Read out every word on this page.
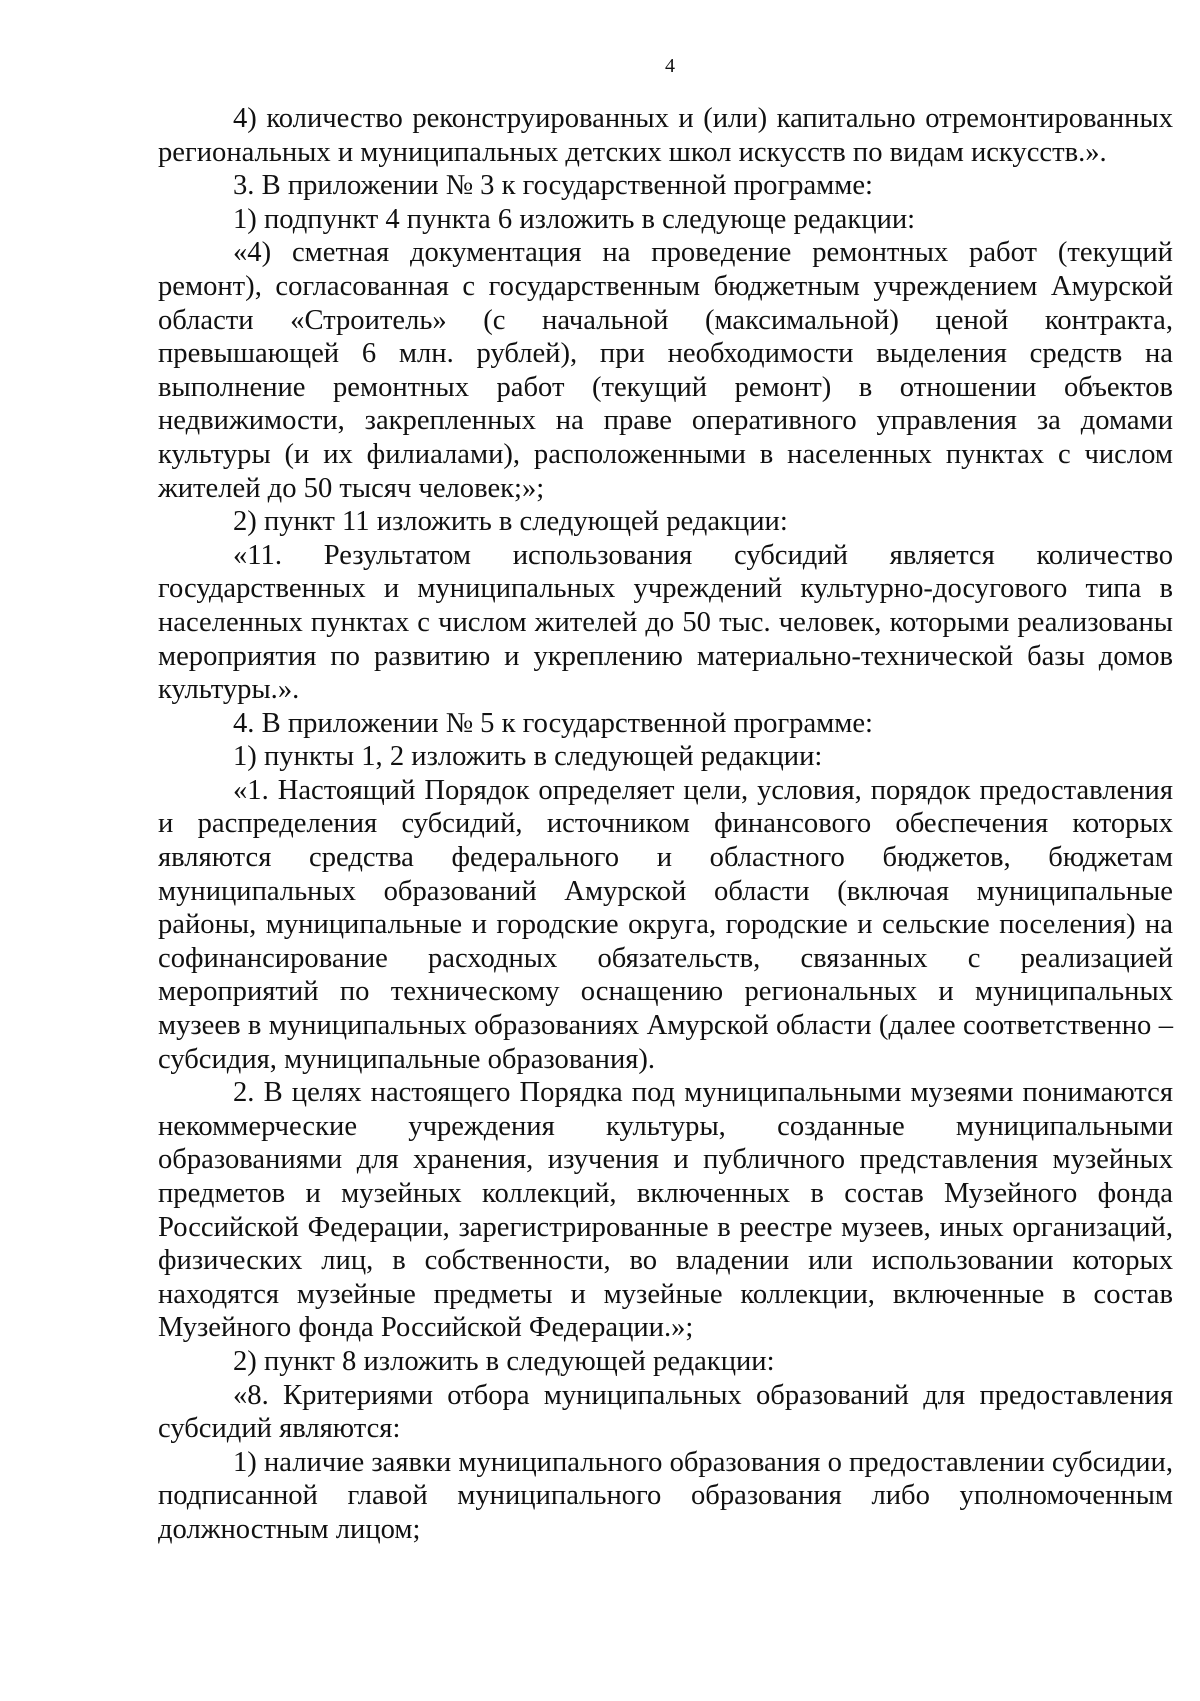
4

4) количество реконструированных и (или) капитально отремонтированных региональных и муниципальных детских школ искусств по видам искусств.».

3. В приложении № 3 к государственной программе:

1) подпункт 4 пункта 6 изложить в следующе редакции:

«4) сметная документация на проведение ремонтных работ (текущий ремонт), согласованная с государственным бюджетным учреждением Амурской области «Строитель» (с начальной (максимальной) ценой контракта, превышающей 6 млн. рублей), при необходимости выделения средств на выполнение ремонтных работ (текущий ремонт) в отношении объектов недвижимости, закрепленных на праве оперативного управления за домами культуры (и их филиалами), расположенными в населенных пунктах с числом жителей до 50 тысяч человек;»;

2) пункт 11 изложить в следующей редакции:

«11. Результатом использования субсидий является количество государственных и муниципальных учреждений культурно-досугового типа в населенных пунктах с числом жителей до 50 тыс. человек, которыми реализованы мероприятия по развитию и укреплению материально-технической базы домов культуры.».

4. В приложении № 5 к государственной программе:

1) пункты 1, 2 изложить в следующей редакции:

«1. Настоящий Порядок определяет цели, условия, порядок предоставления и распределения субсидий, источником финансового обеспечения которых являются средства федерального и областного бюджетов, бюджетам муниципальных образований Амурской области (включая муниципальные районы, муниципальные и городские округа, городские и сельские поселения) на софинансирование расходных обязательств, связанных с реализацией мероприятий по техническому оснащению региональных и муниципальных музеев в муниципальных образованиях Амурской области (далее соответственно – субсидия, муниципальные образования).

2. В целях настоящего Порядка под муниципальными музеями понимаются некоммерческие учреждения культуры, созданные муниципальными образованиями для хранения, изучения и публичного представления музейных предметов и музейных коллекций, включенных в состав Музейного фонда Российской Федерации, зарегистрированные в реестре музеев, иных организаций, физических лиц, в собственности, во владении или использовании которых находятся музейные предметы и музейные коллекции, включенные в состав Музейного фонда Российской Федерации.»;

2) пункт 8 изложить в следующей редакции:

«8. Критериями отбора муниципальных образований для предоставления субсидий являются:

1) наличие заявки муниципального образования о предоставлении субсидии, подписанной главой муниципального образования либо уполномоченным должностным лицом;
